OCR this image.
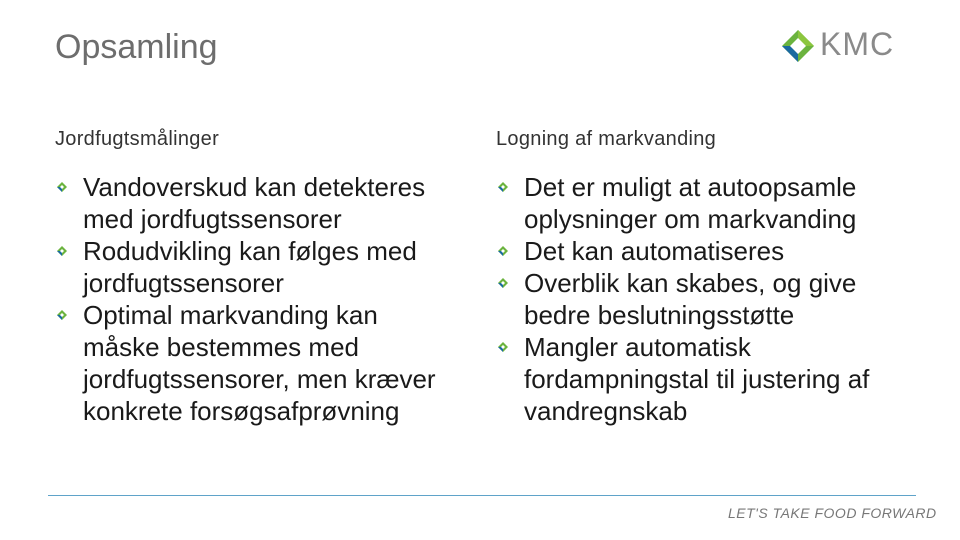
Opsamling	KMC
Jordfugtsmålinger
Vandoverskud kan detekteres med jordfugtssensorer
Rodudvikling kan følges med jordfugtssensorer
Optimal markvanding kan måske bestemmes med jordfugtssensorer, men kræver konkrete forsøgsafprøvning
Logning af markvanding
Det er muligt at autoopsamle oplysninger om markvanding
Det kan automatiseres
Overblik kan skabes, og give bedre beslutningsstøtte
Mangler automatisk fordampningstal til justering af vandregnskab
LET'S TAKE FOOD FORWARD
